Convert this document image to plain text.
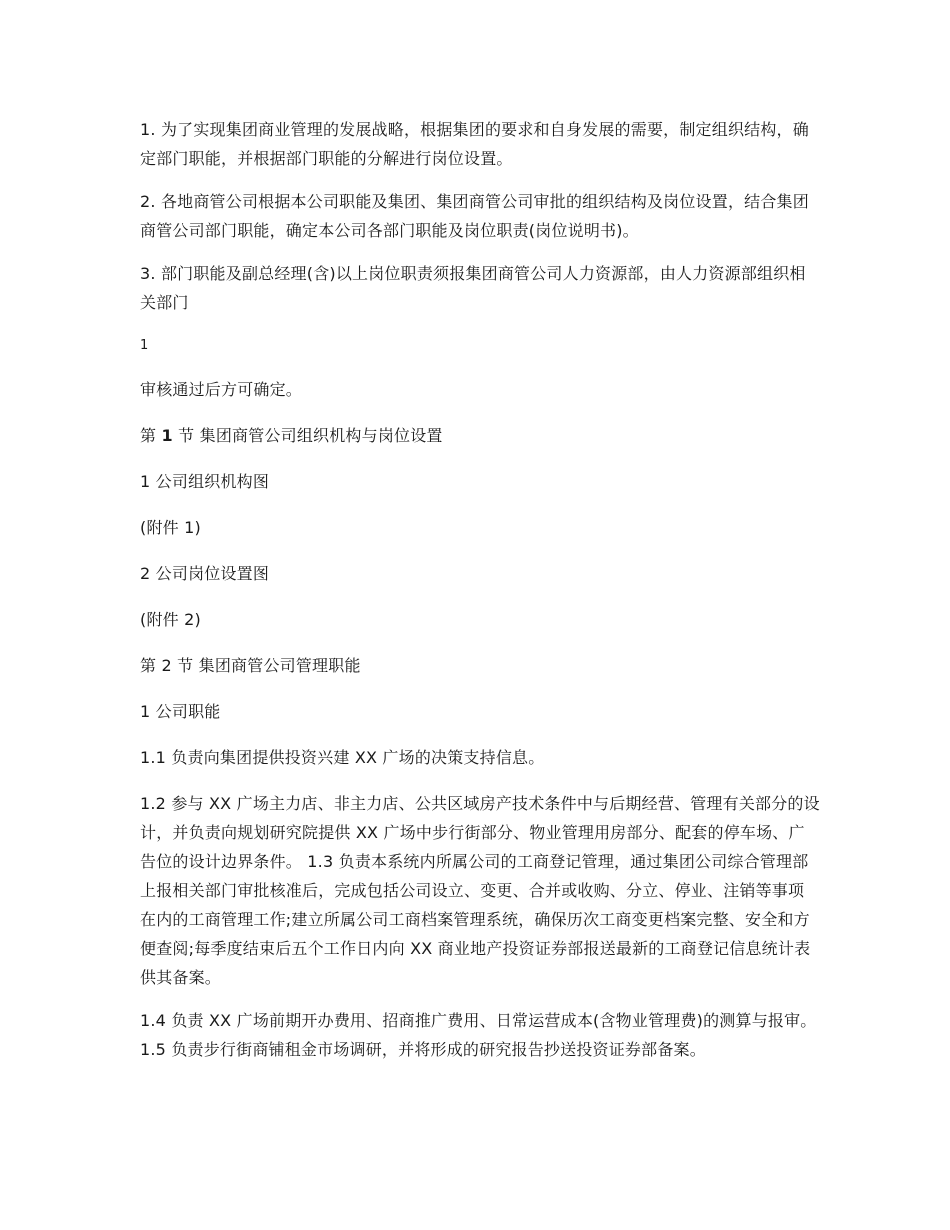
1. 为了实现集团商业管理的发展战略，根据集团的要求和自身发展的需要，制定组织结构，确定部门职能，并根据部门职能的分解进行岗位设置。

2. 各地商管公司根据本公司职能及集团、集团商管公司审批的组织结构及岗位设置，结合集团商管公司部门职能，确定本公司各部门职能及岗位职责(岗位说明书)。

3. 部门职能及副总经理(含)以上岗位职责须报集团商管公司人力资源部，由人力资源部组织相关部门

1

审核通过后方可确定。

第 1 节 集团商管公司组织机构与岗位设置

1 公司组织机构图

(附件 1)

2 公司岗位设置图

(附件 2)

第 2 节 集团商管公司管理职能

1 公司职能

1.1 负责向集团提供投资兴建 XX 广场的决策支持信息。

1.2 参与 XX 广场主力店、非主力店、公共区域房产技术条件中与后期经营、管理有关部分的设计，并负责向规划研究院提供 XX 广场中步行街部分、物业管理用房部分、配套的停车场、广告位的设计边界条件。 1.3 负责本系统内所属公司的工商登记管理，通过集团公司综合管理部上报相关部门审批核准后，完成包括公司设立、变更、合并或收购、分立、停业、注销等事项在内的工商管理工作;建立所属公司工商档案管理系统，确保历次工商变更档案完整、安全和方便查阅;每季度结束后五个工作日内向 XX 商业地产投资证券部报送最新的工商登记信息统计表供其备案。

1.4 负责 XX 广场前期开办费用、招商推广费用、日常运营成本(含物业管理费)的测算与报审。 1.5 负责步行街商铺租金市场调研，并将形成的研究报告抄送投资证券部备案。
